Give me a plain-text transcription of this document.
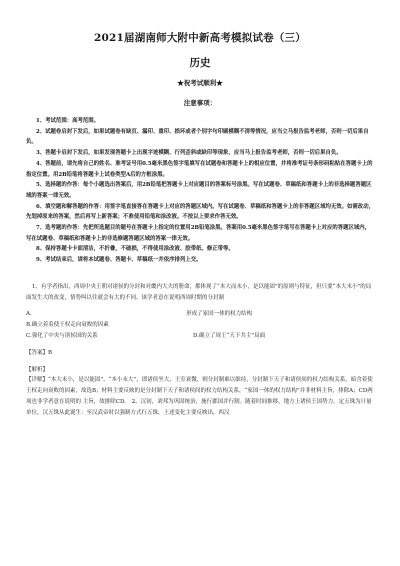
2021届湖南师大附中新高考模拟试卷（三）
历史
★祝考试顺利★
注意事项：

1、考试范围：高考范围。

2、试题卷启封下发后，如果试题卷有缺页、漏印、重印、损坏或者个别字句印刷模糊不清等情况，应当立马报告监考老师，否则一切后果自负。

3、答题卡启封下发后，如果发现答题卡上出现字迹模糊、行列歪斜或缺印等现象，应当马上报告监考老师，否则一切后果自负。

4、答题前，请先将自己的姓名、准考证号用0.5毫米黑色签字笔填写在试题卷和答题卡上的相应位置，并将准考证号条形码粘贴在答题卡上的指定位置。用2B铅笔将答题卡上试卷类型A后的方框涂黑。

5、选择题的作答：每个小题选出答案后，用2B铅笔把答题卡上对应题目的答案标号涂黑。写在试题卷、草稿纸和答题卡上的非选择题答题区域的答案一律无效。

6、填空题和解答题的作答：用签字笔直接答在答题卡上对应的答题区域内。写在试题卷、草稿纸和答题卡上的非答题区域均无效。如需改动，先划掉原来的答案，然后再写上新答案；不准使用铅笔和涂改液。不按以上要求作答无效。

7、选考题的作答：先把所选题目的题号在答题卡上指定的位置用2B铅笔涂黑。答案用0.5毫米黑色签字笔写在答题卡上对应的答题区域内，写在试题卷、草稿纸和答题卡上的非选修题答题区域的答案一律无效。

8、保持答题卡卡面清洁，不折叠，不破损，不得使用涂改液、胶带纸、修正带等。

9、考试结束后，请将本试题卷、答题卡、草稿纸一并依序排列上交。

1、有学者指出，西周中央王朝对诸侯的分封和对畿内大夫的册命，都体现了“本大而末小，是以能固”的原则与特征，但只要“本大末小”的局面发生大的改变，情势叫以往就会有大的不同。该学者意在说明西周时期的分封制

A.	形成了家国一体的权力结构

B.确立着着使王权走向衰败的因素

C.强化了中央与诸侯国的关系	D.确立了周王“天下共主”局面

【答案】B

【解析】

【详解】“本大末小，是以能固”、“本小末大”，即诸侯坐大、王室衰微，则分封制难以维持，分封制下天子和诸侯间的权力结构关系，暗含着使王权走向衰败的因素，故选B；材料主要反映的是分封制下天子和诸侯间的权力结构关系，“家国一体的权力结构”并非材料主旨，排除A；CD两项也非学者意在说明的 主旨，故排除CD。 2、汉初，刘邦为巩固统治，施行郡国并行制。随着时间推移，地方上诸侯王国势力，定五铢为计量单位，汉五铢从此诞生：至汉武帝时以强制方式行五铢，上述变化主要反映出，西汉
